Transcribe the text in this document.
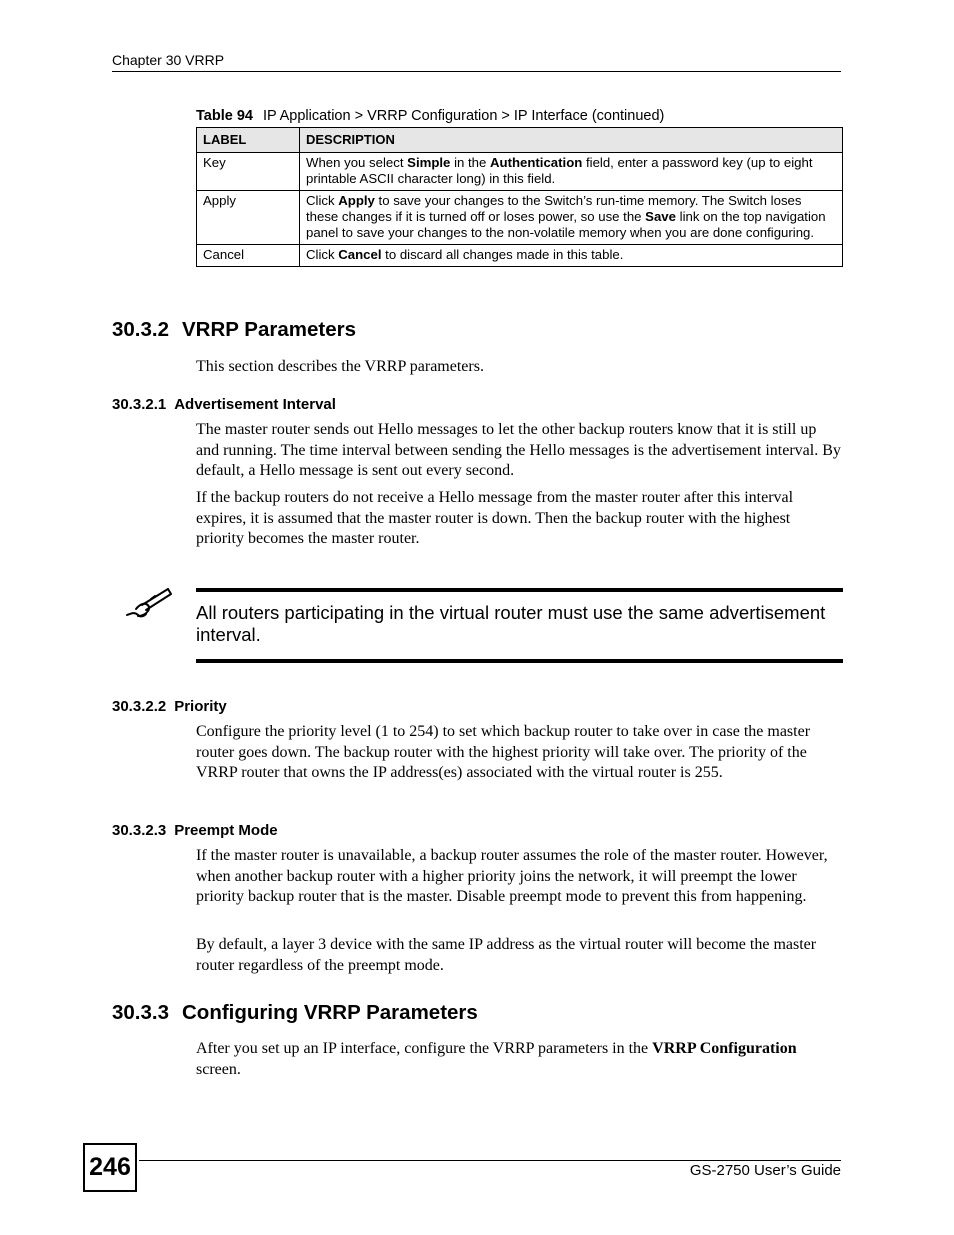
Chapter 30 VRRP
Table 94 IP Application > VRRP Configuration > IP Interface (continued)
LABEL	DESCRIPTION
Key	When you select Simple in the Authentication field, enter a password key (up to eight printable ASCII character long) in this field.
Apply	Click Apply to save your changes to the Switch’s run-time memory. The Switch loses these changes if it is turned off or loses power, so use the Save link on the top navigation panel to save your changes to the non-volatile memory when you are done configuring.
Cancel	Click Cancel to discard all changes made in this table.
30.3.2 VRRP Parameters

This section describes the VRRP parameters.

30.3.2.1 Advertisement Interval

The master router sends out Hello messages to let the other backup routers know that it is still up and running. The time interval between sending the Hello messages is the advertisement interval. By default, a Hello message is sent out every second.

If the backup routers do not receive a Hello message from the master router after this interval expires, it is assumed that the master router is down. Then the backup router with the highest priority becomes the master router.

All routers participating in the virtual router must use the same advertisement interval.

30.3.2.2 Priority

Configure the priority level (1 to 254) to set which backup router to take over in case the master router goes down. The backup router with the highest priority will take over. The priority of the VRRP router that owns the IP address(es) associated with the virtual router is 255.

30.3.2.3 Preempt Mode

If the master router is unavailable, a backup router assumes the role of the master router. However, when another backup router with a higher priority joins the network, it will preempt the lower priority backup router that is the master. Disable preempt mode to prevent this from happening.

By default, a layer 3 device with the same IP address as the virtual router will become the master router regardless of the preempt mode.

30.3.3 Configuring VRRP Parameters

After you set up an IP interface, configure the VRRP parameters in the VRRP Configuration screen.

246	GS-2750 User’s Guide
